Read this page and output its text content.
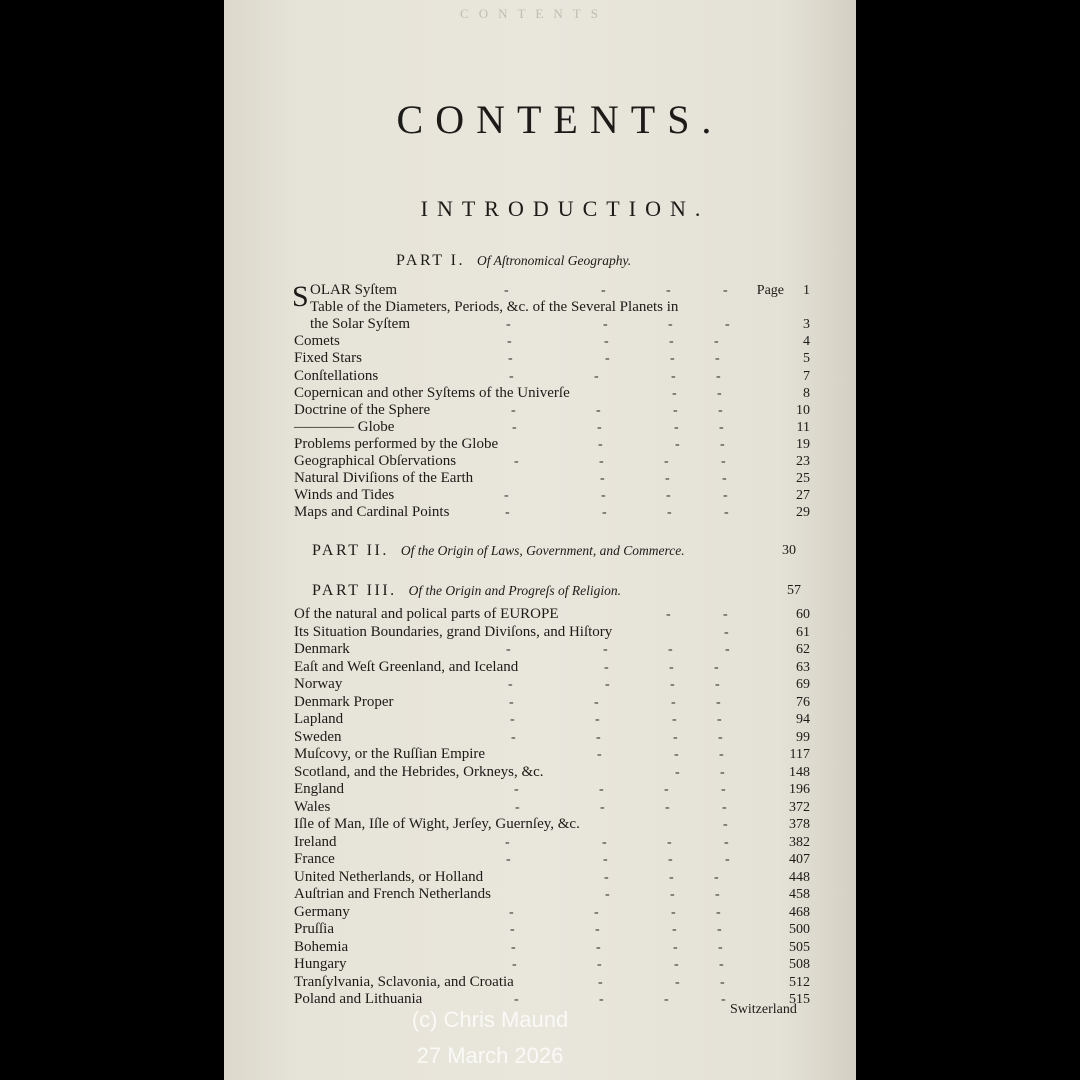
CONTENTS
CONTENTS.
INTRODUCTION.
PART I. Of Aſtronomical Geography.
OLAR Syſtem	Page 1
-	-	-	-
Table of the Diameters, Periods, &c. of the Several Planets in
the Solar Syſtem	3
-	-	-	-
Comets	4
-	-	-	-
Fixed Stars	5
-	-	-	-
Conſtellations	7
-	-	-	-
Copernican and other Syſtems of the Univerſe	8
-	-
Doctrine of the Sphere	10
-	-	-	-
———— Globe	11
-	-	-	-
Problems performed by the Globe	19
-	-	-
Geographical Obſervations	23
-	-	-	-
Natural Diviſions of the Earth	25
-	-	-
Winds and Tides	27
-	-	-	-
Maps and Cardinal Points	29
-	-	-	-
S
PART II. Of the Origin of Laws, Government, and Commerce.	30
PART III. Of the Origin and Progreſs of Religion.	57
Of the natural and polical parts of EUROPE	60
-	-
Its Situation Boundaries, grand Diviſons, and Hiſtory	61
-
Denmark	62
-	-	-	-
Eaſt and Weſt Greenland, and Iceland	63
-	-	-
Norway	69
-	-	-	-
Denmark Proper	76
-	-	-	-
Lapland	94
-	-	-	-
Sweden	99
-	-	-	-
Muſcovy, or the Ruſſian Empire	117
-	-	-
Scotland, and the Hebrides, Orkneys, &c.	148
-	-
England	196
-	-	-	-
Wales	372
-	-	-	-
Iſle of Man, Iſle of Wight, Jerſey, Guernſey, &c.	378
-
Ireland	382
-	-	-	-
France	407
-	-	-	-
United Netherlands, or Holland	448
-	-	-
Auſtrian and French Netherlands	458
-	-	-
Germany	468
-	-	-	-
Pruſſia	500
-	-	-	-
Bohemia	505
-	-	-	-
Hungary	508
-	-	-	-
Tranſylvania, Sclavonia, and Croatia	512
-	-	-
Poland and Lithuania	515
-	-	-	-
Switzerland
(c) Chris Maund
27 March 2026
